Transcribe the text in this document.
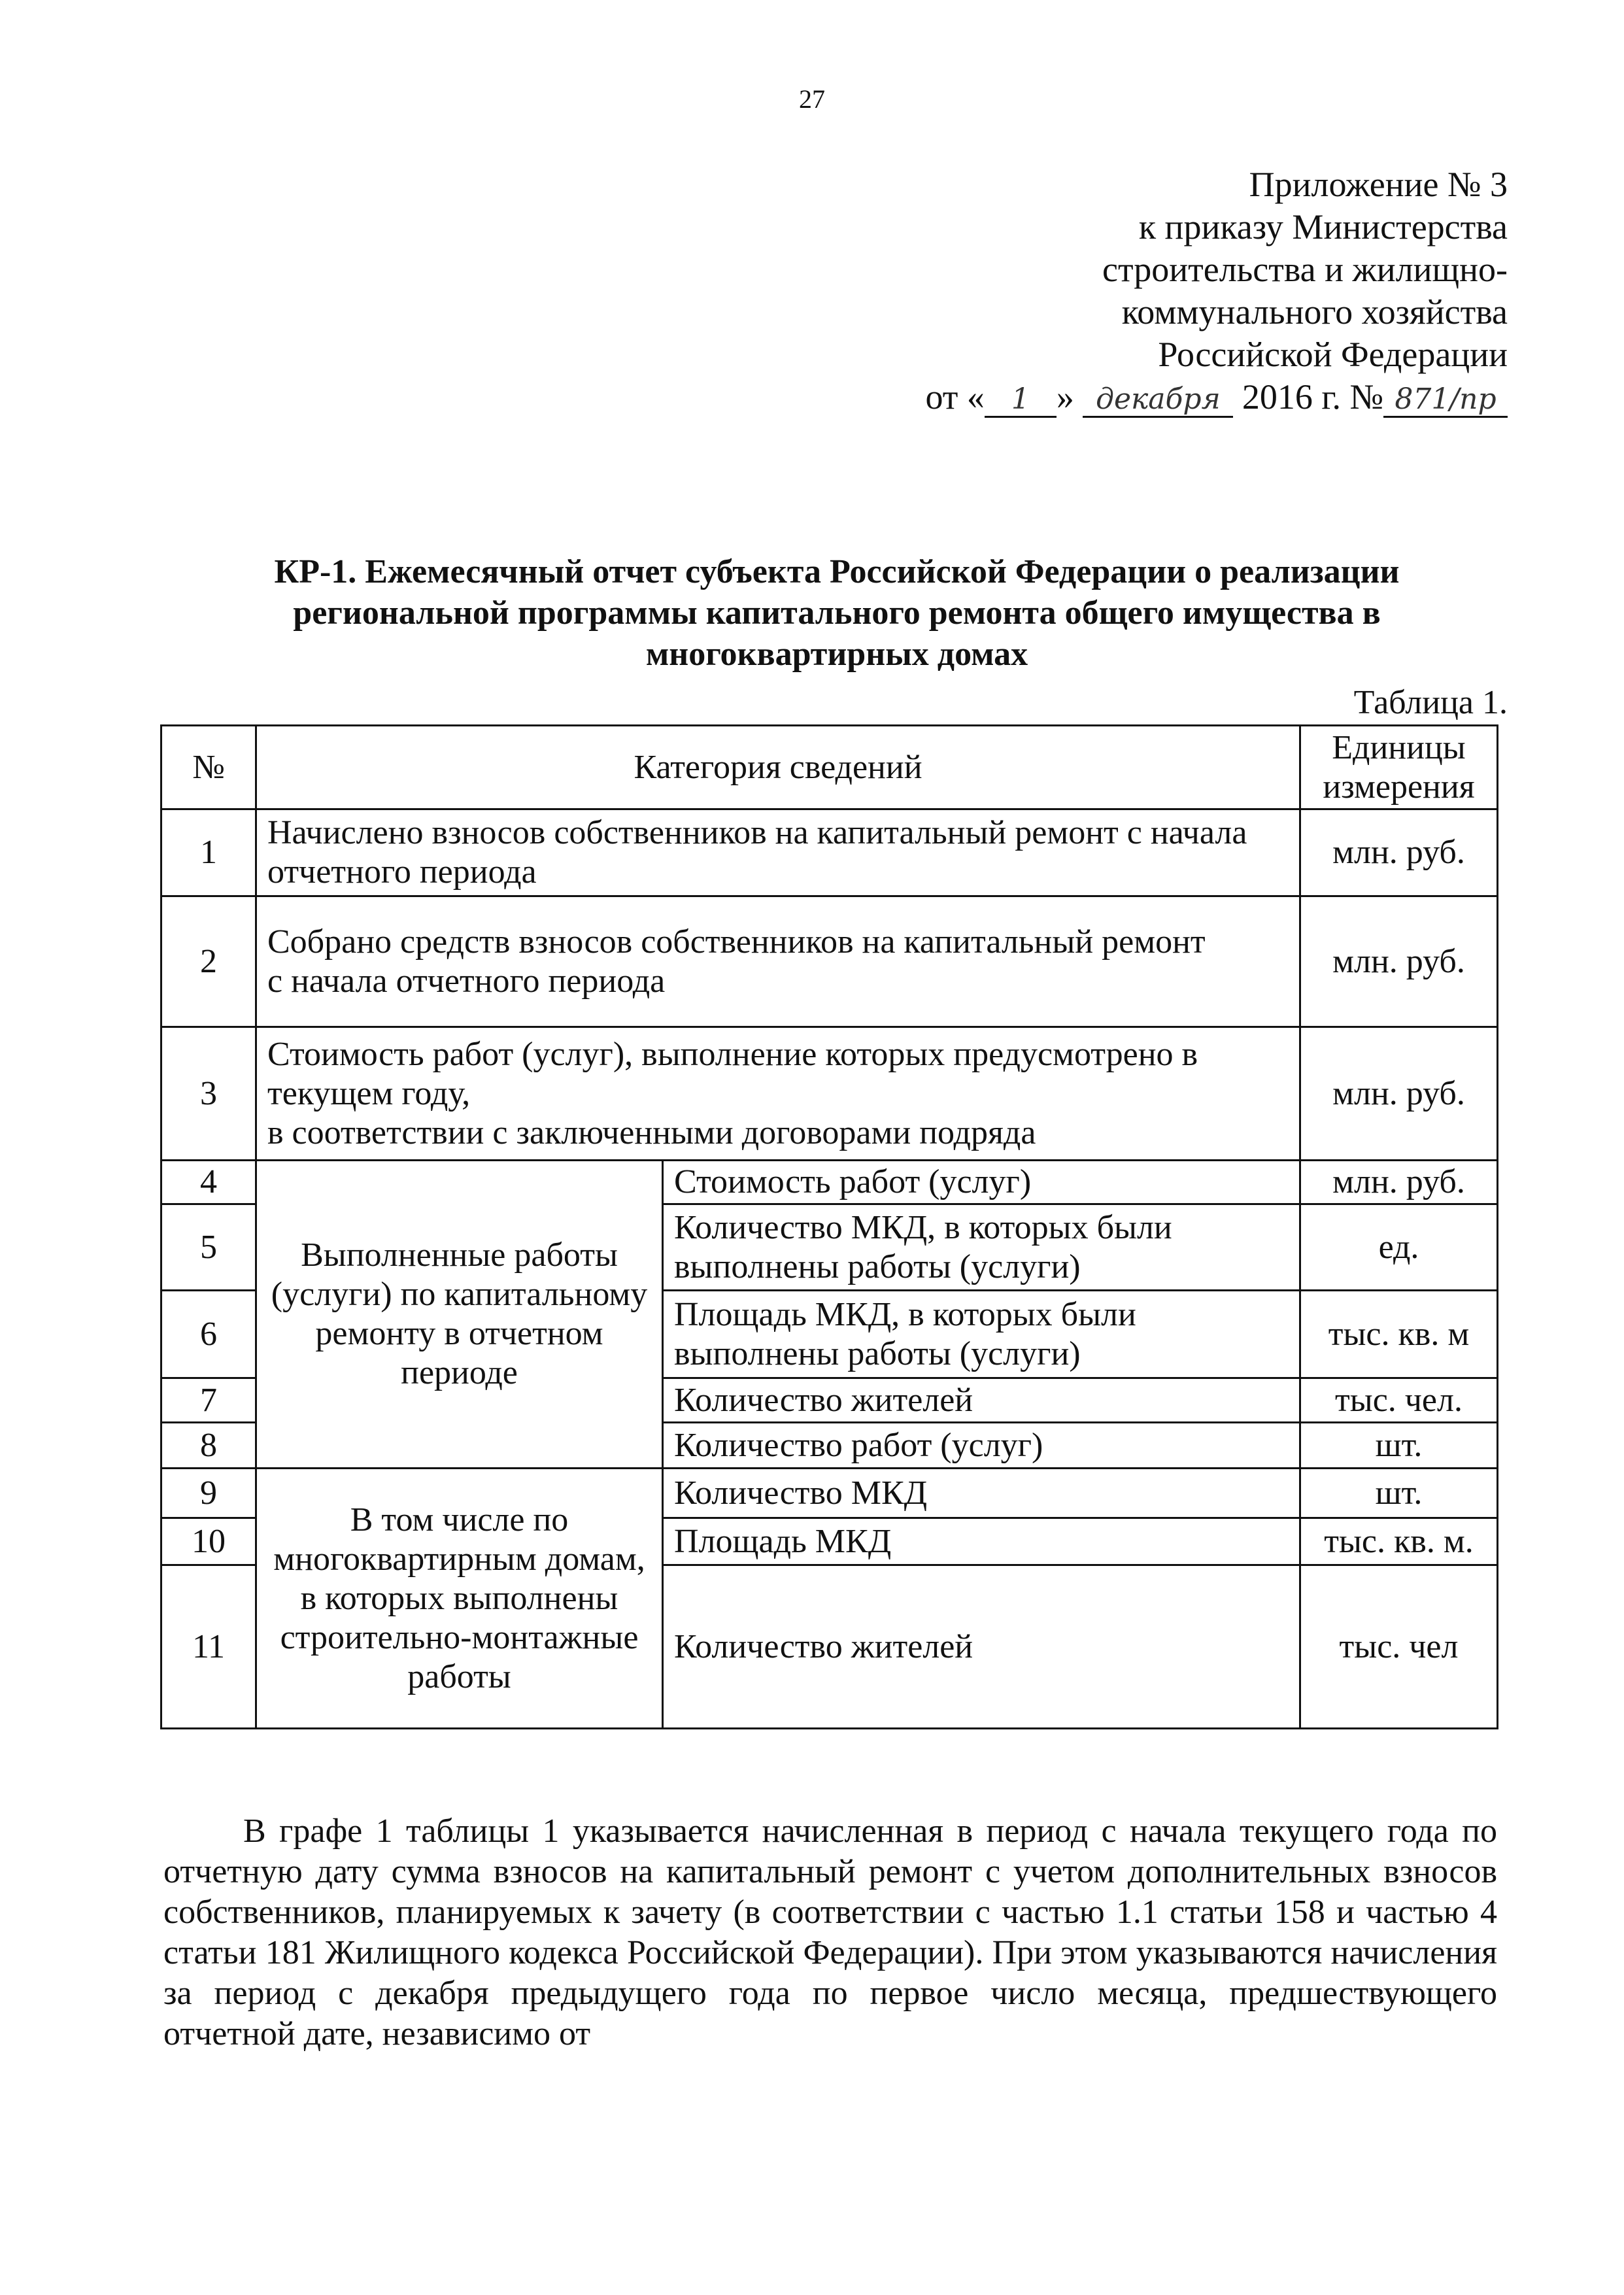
27
Приложение № 3
к приказу Министерства
строительства и жилищно-
коммунального хозяйства
Российской Федерации
от « 1 » декабря 2016 г. № 871/пр
КР-1. Ежемесячный отчет субъекта Российской Федерации о реализации региональной программы капитального ремонта общего имущества в многоквартирных домах
Таблица 1.
№	Категория сведений		Единицы измерения
1	Начислено взносов собственников на капитальный ремонт с начала отчетного периода		млн. руб.
2	Собрано средств взносов собственников на капитальный ремонт
с начала отчетного периода		млн. руб.
3	Стоимость работ (услуг), выполнение которых предусмотрено в текущем году,
в соответствии с заключенными договорами подряда		млн. руб.
4	Выполненные работы (услуги) по капитальному ремонту в отчетном периоде	Стоимость работ (услуг)	млн. руб.
5		Количество МКД, в которых были выполнены работы (услуги)	ед.
6		Площадь МКД, в которых были выполнены работы (услуги)	тыс. кв. м
7		Количество жителей	тыс. чел.
8		Количество работ (услуг)	шт.
9	В том числе по многоквартирным домам, в которых выполнены строительно-монтажные работы	Количество МКД	шт.
10		Площадь МКД	тыс. кв. м.
11		Количество жителей	тыс. чел
В графе 1 таблицы 1 указывается начисленная в период с начала текущего года по отчетную дату сумма взносов на капитальный ремонт с учетом дополнительных взносов собственников, планируемых к зачету (в соответствии с частью 1.1 статьи 158 и частью 4 статьи 181 Жилищного кодекса Российской Федерации). При этом указываются начисления за период с декабря предыдущего года по первое число месяца, предшествующего отчетной дате, независимо от
